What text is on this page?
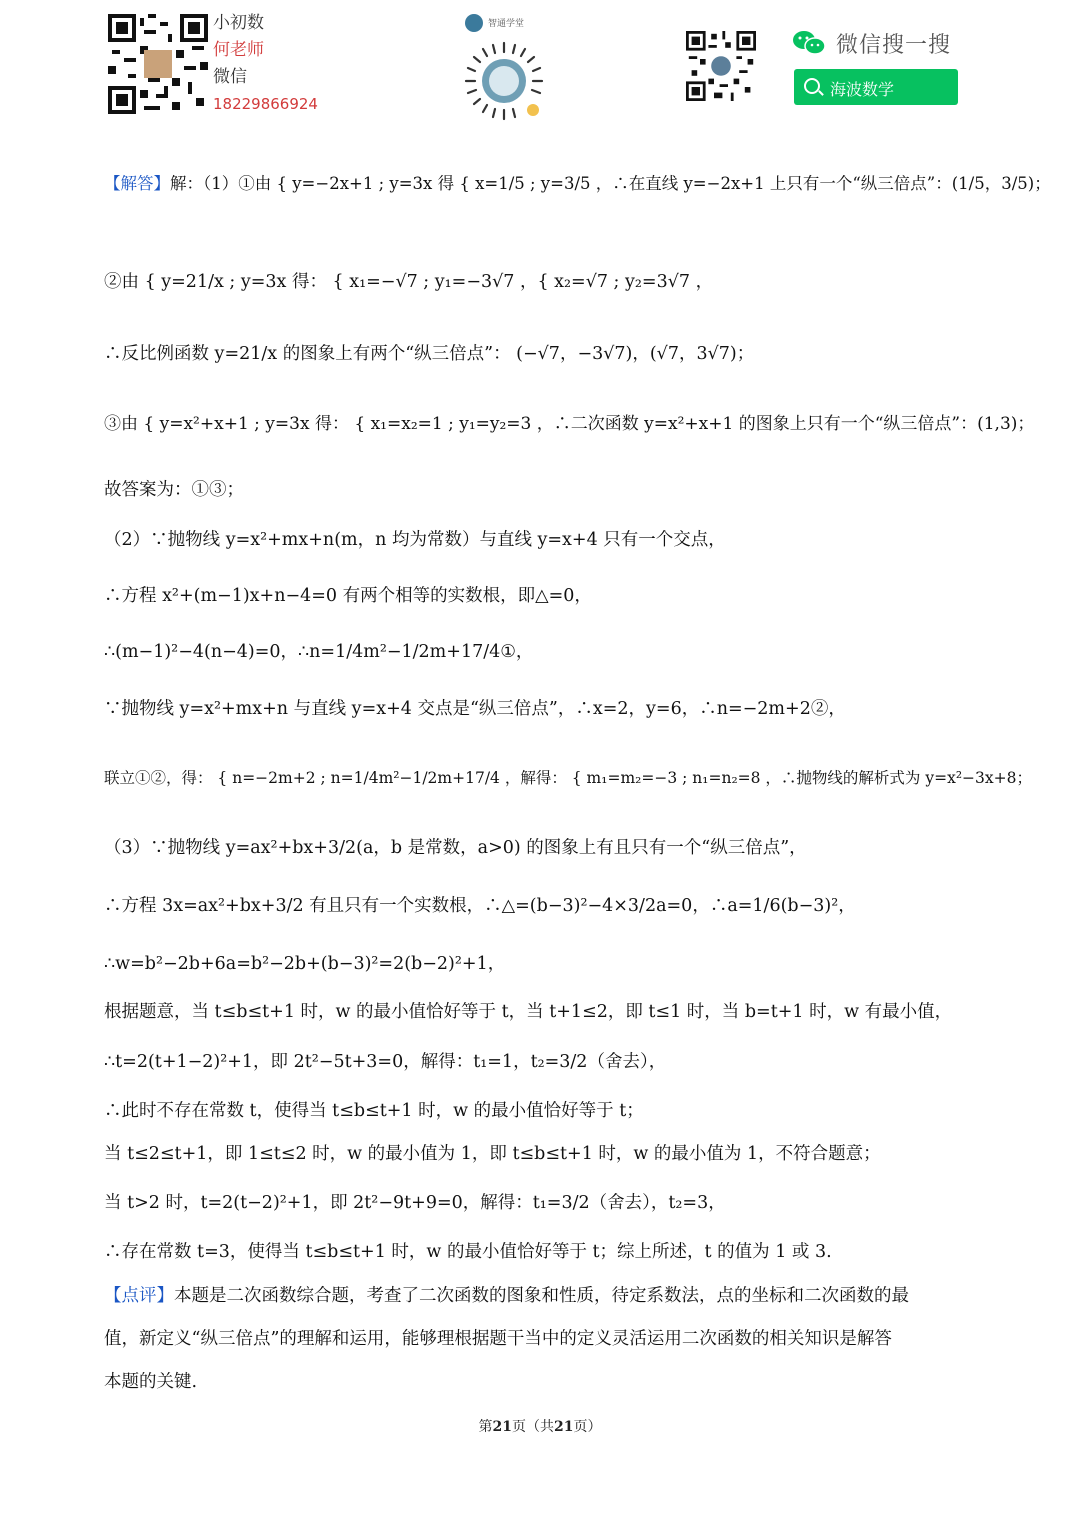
小初数
何老师
微信
18229866924
智通学堂
微信搜一搜
海波数学
【解答】解：（1）①由 { y=−2x+1 ; y=3x 得 { x=1/5 ; y=3/5 ，∴在直线 y=−2x+1 上只有一个“纵三倍点”：(1/5，3/5)；
②由 { y=21/x ; y=3x 得： { x₁=−√7 ; y₁=−3√7 ，{ x₂=√7 ; y₂=3√7 ，
∴反比例函数 y=21/x 的图象上有两个“纵三倍点”： (−√7，−3√7)，(√7，3√7)；
③由 { y=x²+x+1 ; y=3x 得： { x₁=x₂=1 ; y₁=y₂=3 ，∴二次函数 y=x²+x+1 的图象上只有一个“纵三倍点”：(1,3)；
故答案为：①③；
（2）∵抛物线 y=x²+mx+n(m，n 均为常数）与直线 y=x+4 只有一个交点，
∴方程 x²+(m−1)x+n−4=0 有两个相等的实数根，即△=0，
∴(m−1)²−4(n−4)=0，∴n=1/4m²−1/2m+17/4①，
∵抛物线 y=x²+mx+n 与直线 y=x+4 交点是“纵三倍点”，∴x=2，y=6，∴n=−2m+2②，
联立①②，得： { n=−2m+2 ; n=1/4m²−1/2m+17/4 ，解得： { m₁=m₂=−3 ; n₁=n₂=8 ，∴抛物线的解析式为 y=x²−3x+8；
（3）∵抛物线 y=ax²+bx+3/2(a，b 是常数，a>0) 的图象上有且只有一个“纵三倍点”，
∴方程 3x=ax²+bx+3/2 有且只有一个实数根，∴△=(b−3)²−4×3/2a=0，∴a=1/6(b−3)²，
∴w=b²−2b+6a=b²−2b+(b−3)²=2(b−2)²+1，
根据题意，当 t≤b≤t+1 时，w 的最小值恰好等于 t，当 t+1≤2，即 t≤1 时，当 b=t+1 时，w 有最小值，
∴t=2(t+1−2)²+1，即 2t²−5t+3=0，解得：t₁=1，t₂=3/2（舍去），
∴此时不存在常数 t，使得当 t≤b≤t+1 时，w 的最小值恰好等于 t；
当 t≤2≤t+1，即 1≤t≤2 时，w 的最小值为 1，即 t≤b≤t+1 时，w 的最小值为 1，不符合题意；
当 t>2 时，t=2(t−2)²+1，即 2t²−9t+9=0，解得：t₁=3/2（舍去），t₂=3，
∴存在常数 t=3，使得当 t≤b≤t+1 时，w 的最小值恰好等于 t；综上所述，t 的值为 1 或 3.
【点评】本题是二次函数综合题，考查了二次函数的图象和性质，待定系数法，点的坐标和二次函数的最
值，新定义“纵三倍点”的理解和运用，能够理根据题干当中的定义灵活运用二次函数的相关知识是解答
本题的关键.
第21页（共21页）
